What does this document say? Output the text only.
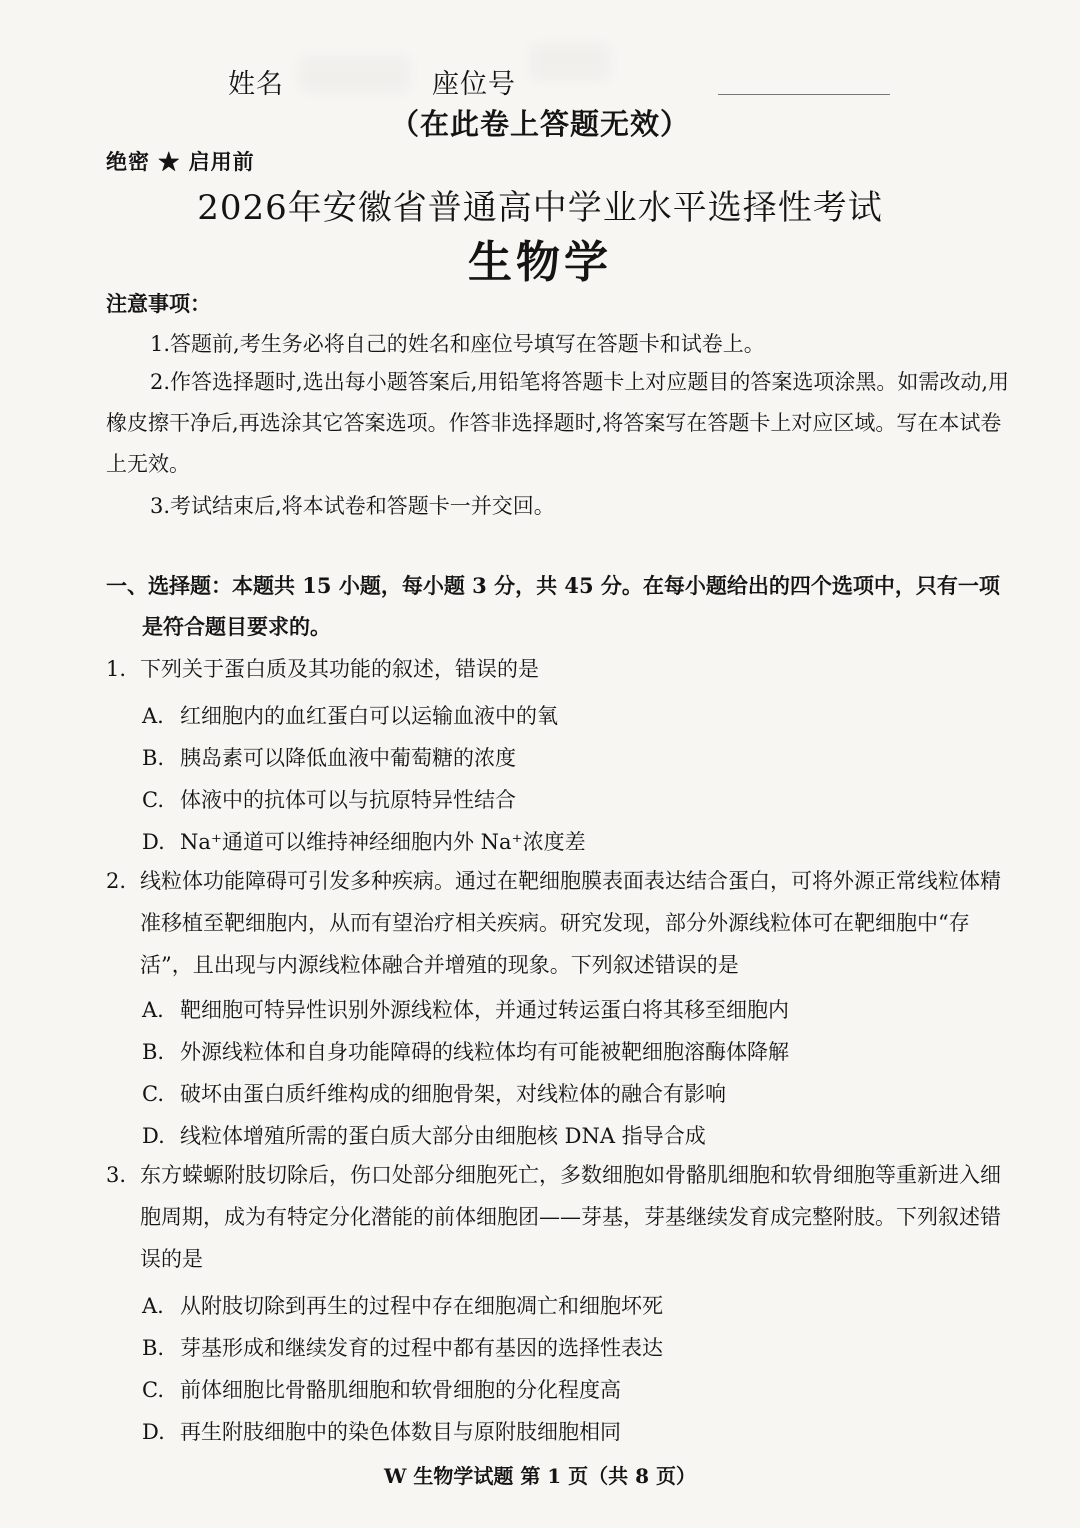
姓名	座位号
（在此卷上答题无效）
绝密 ★ 启用前
2026年安徽省普通高中学业水平选择性考试
生物学
注意事项：
1.答题前,考生务必将自己的姓名和座位号填写在答题卡和试卷上。
2.作答选择题时,选出每小题答案后,用铅笔将答题卡上对应题目的答案选项涂黑。如需改动,用橡皮擦干净后,再选涂其它答案选项。作答非选择题时,将答案写在答题卡上对应区域。写在本试卷上无效。
3.考试结束后,将本试卷和答题卡一并交回。
一、选择题：本题共 15 小题，每小题 3 分，共 45 分。在每小题给出的四个选项中，只有一项是符合题目要求的。
1. 下列关于蛋白质及其功能的叙述，错误的是
A. 红细胞内的血红蛋白可以运输血液中的氧
B. 胰岛素可以降低血液中葡萄糖的浓度
C. 体液中的抗体可以与抗原特异性结合
D. Na⁺通道可以维持神经细胞内外 Na⁺浓度差
2. 线粒体功能障碍可引发多种疾病。通过在靶细胞膜表面表达结合蛋白，可将外源正常线粒体精准移植至靶细胞内，从而有望治疗相关疾病。研究发现，部分外源线粒体可在靶细胞中“存活”，且出现与内源线粒体融合并增殖的现象。下列叙述错误的是
A. 靶细胞可特异性识别外源线粒体，并通过转运蛋白将其移至细胞内
B. 外源线粒体和自身功能障碍的线粒体均有可能被靶细胞溶酶体降解
C. 破坏由蛋白质纤维构成的细胞骨架，对线粒体的融合有影响
D. 线粒体增殖所需的蛋白质大部分由细胞核 DNA 指导合成
3. 东方蝾螈附肢切除后，伤口处部分细胞死亡，多数细胞如骨骼肌细胞和软骨细胞等重新进入细胞周期，成为有特定分化潜能的前体细胞团——芽基，芽基继续发育成完整附肢。下列叙述错误的是
A. 从附肢切除到再生的过程中存在细胞凋亡和细胞坏死
B. 芽基形成和继续发育的过程中都有基因的选择性表达
C. 前体细胞比骨骼肌细胞和软骨细胞的分化程度高
D. 再生附肢细胞中的染色体数目与原附肢细胞相同
W 生物学试题 第 1 页（共 8 页）
